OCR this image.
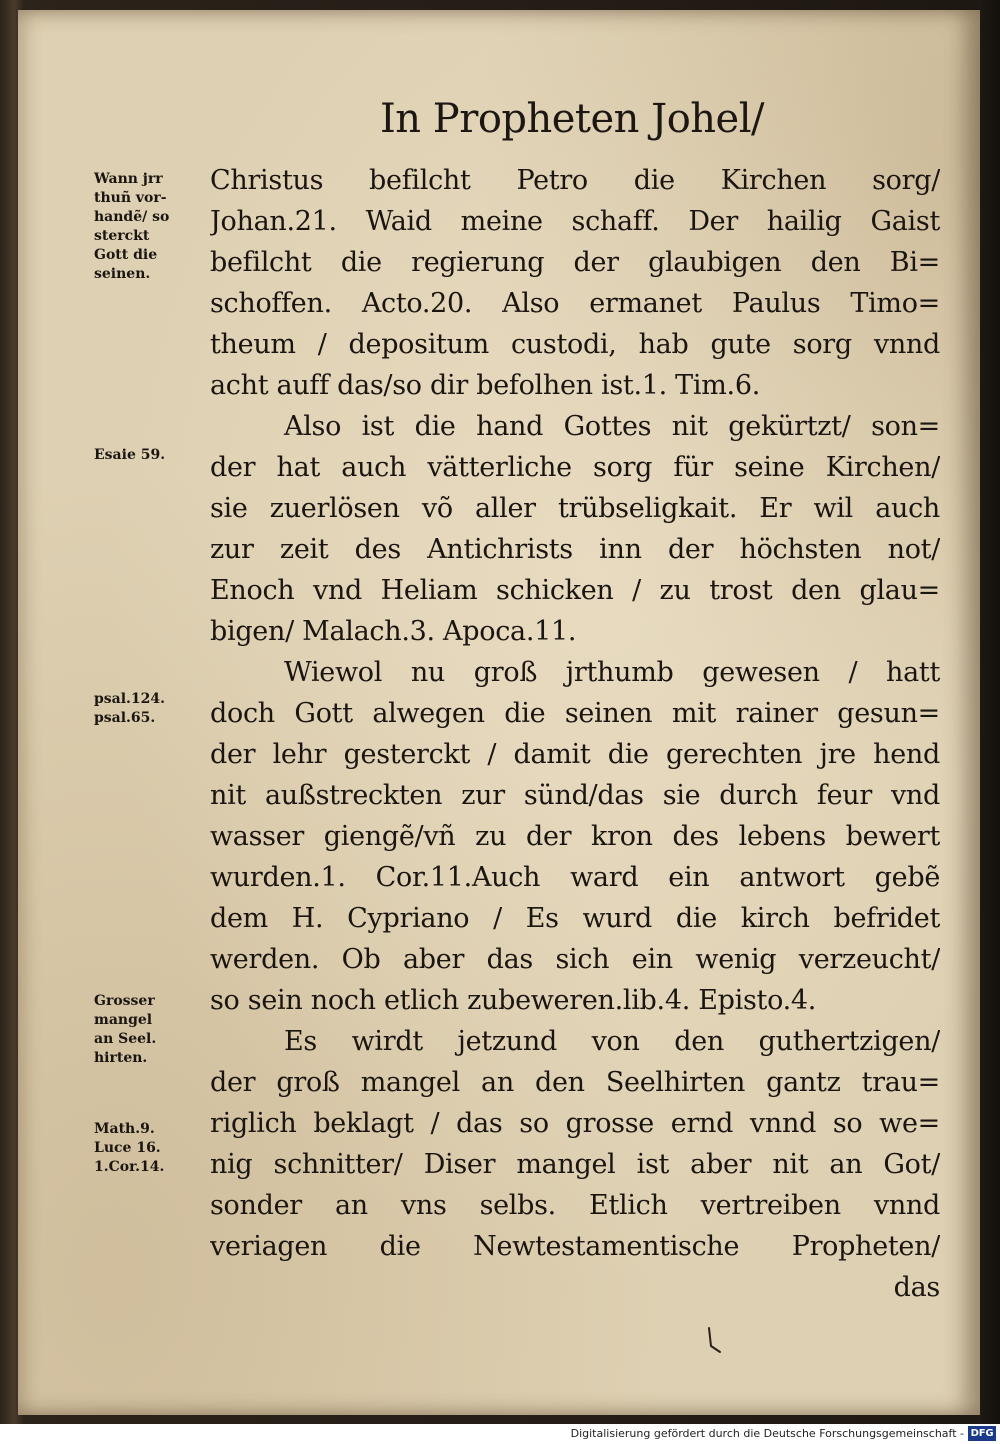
In Propheten Johel/
Christus befilcht Petro die Kirchen sorg/
Johan.21. Waid meine schaff. Der hailig Gaist
befilcht die regierung der glaubigen den Bi=
schoffen. Acto.20. Also ermanet Paulus Timo=
theum / depositum custodi, hab gute sorg vnnd
acht auff das/so dir befolhen ist.1. Tim.6.
Also ist die hand Gottes nit gekürtzt/ son=
der hat auch vätterliche sorg für seine Kirchen/
sie zuerlösen võ aller trübseligkait. Er wil auch
zur zeit des Antichrists inn der höchsten not/
Enoch vnd Heliam schicken / zu trost den glau=
bigen/ Malach.3. Apoca.11.
Wiewol nu groß jrthumb gewesen / hatt
doch Gott alwegen die seinen mit rainer gesun=
der lehr gesterckt / damit die gerechten jre hend
nit außstreckten zur sünd/das sie durch feur vnd
wasser giengẽ/vñ zu der kron des lebens bewert
wurden.1. Cor.11.Auch ward ein antwort gebẽ
dem H. Cypriano / Es wurd die kirch befridet
werden. Ob aber das sich ein wenig verzeucht/
so sein noch etlich zubeweren.lib.4. Episto.4.
Es wirdt jetzund von den guthertzigen/
der groß mangel an den Seelhirten gantz trau=
riglich beklagt / das so grosse ernd vnnd so we=
nig schnitter/ Diser mangel ist aber nit an Got/
sonder an vns selbs. Etlich vertreiben vnnd
veriagen die Newtestamentische Propheten/
das
Wann jrr
thuñ vor-
handẽ/ so
sterckt
Gott die
seinen.
Esaie 59.
psal.124.
psal.65.
Grosser
mangel
an Seel.
hirten.
Math.9.
Luce 16.
1.Cor.14.
Digitalisierung gefördert durch die Deutsche Forschungsgemeinschaft - DFG
